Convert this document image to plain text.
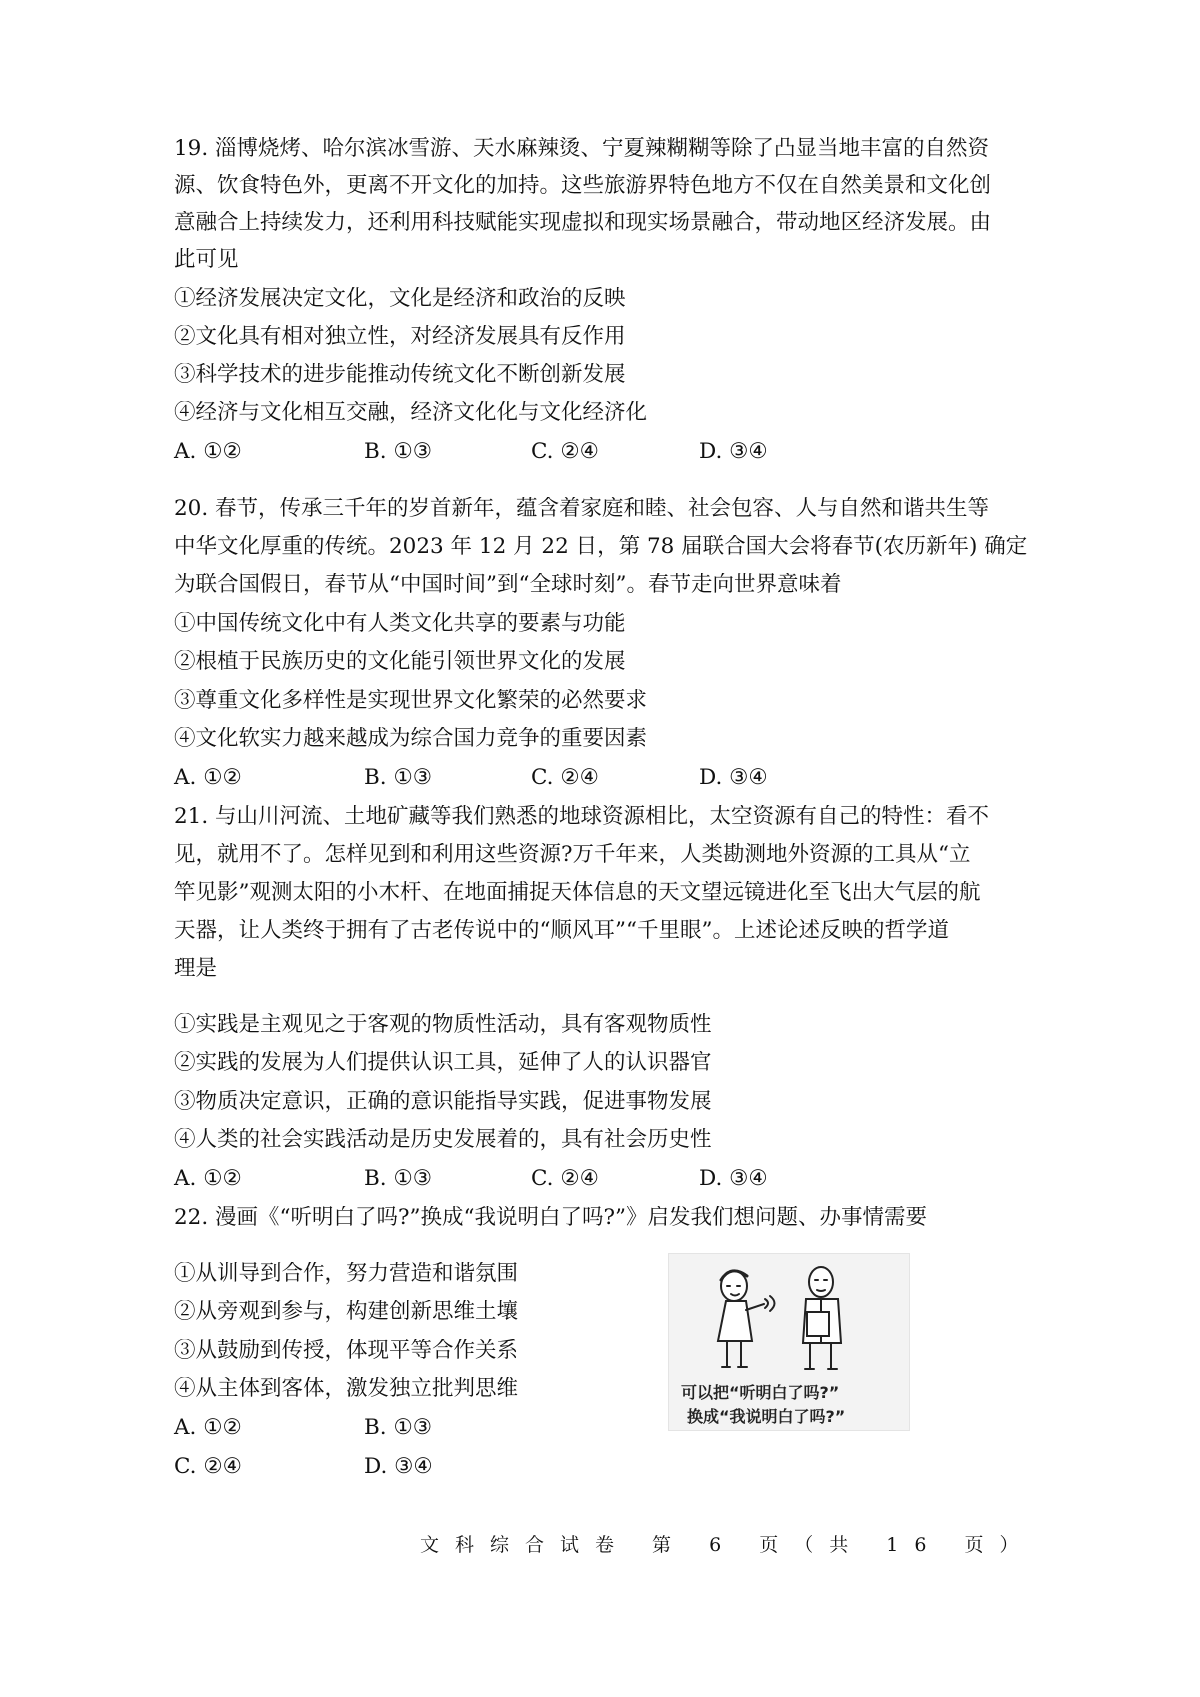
19. 淄博烧烤、哈尔滨冰雪游、天水麻辣烫、宁夏辣糊糊等除了凸显当地丰富的自然资
源、饮食特色外，更离不开文化的加持。这些旅游界特色地方不仅在自然美景和文化创
意融合上持续发力，还利用科技赋能实现虚拟和现实场景融合，带动地区经济发展。由
此可见
①经济发展决定文化，文化是经济和政治的反映
②文化具有相对独立性，对经济发展具有反作用
③科学技术的进步能推动传统文化不断创新发展
④经济与文化相互交融，经济文化化与文化经济化
A. ①②	B. ①③	C. ②④	D. ③④
20. 春节，传承三千年的岁首新年，蕴含着家庭和睦、社会包容、人与自然和谐共生等
中华文化厚重的传统。2023 年 12 月 22 日，第 78 届联合国大会将春节(农历新年) 确定
为联合国假日，春节从“中国时间”到“全球时刻”。春节走向世界意味着
①中国传统文化中有人类文化共享的要素与功能
②根植于民族历史的文化能引领世界文化的发展
③尊重文化多样性是实现世界文化繁荣的必然要求
④文化软实力越来越成为综合国力竞争的重要因素
A. ①②	B. ①③	C. ②④	D. ③④
21. 与山川河流、土地矿藏等我们熟悉的地球资源相比，太空资源有自己的特性：看不
见，就用不了。怎样见到和利用这些资源?万千年来，人类勘测地外资源的工具从“立
竿见影”观测太阳的小木杆、在地面捕捉天体信息的天文望远镜进化至飞出大气层的航
天器，让人类终于拥有了古老传说中的“顺风耳”“千里眼”。上述论述反映的哲学道
理是
①实践是主观见之于客观的物质性活动，具有客观物质性
②实践的发展为人们提供认识工具，延伸了人的认识器官
③物质决定意识，正确的意识能指导实践，促进事物发展
④人类的社会实践活动是历史发展着的，具有社会历史性
A. ①②	B. ①③	C. ②④	D. ③④
22. 漫画《“听明白了吗?”换成“我说明白了吗?”》启发我们想问题、办事情需要
①从训导到合作，努力营造和谐氛围
②从旁观到参与，构建创新思维土壤
③从鼓励到传授，体现平等合作关系
④从主体到客体，激发独立批判思维
A. ①②	B. ①③
C. ②④	D. ③④
可以把“听明白了吗?”
换成“我说明白了吗?”
文科综合试卷 第 6 页（共 16 页）
